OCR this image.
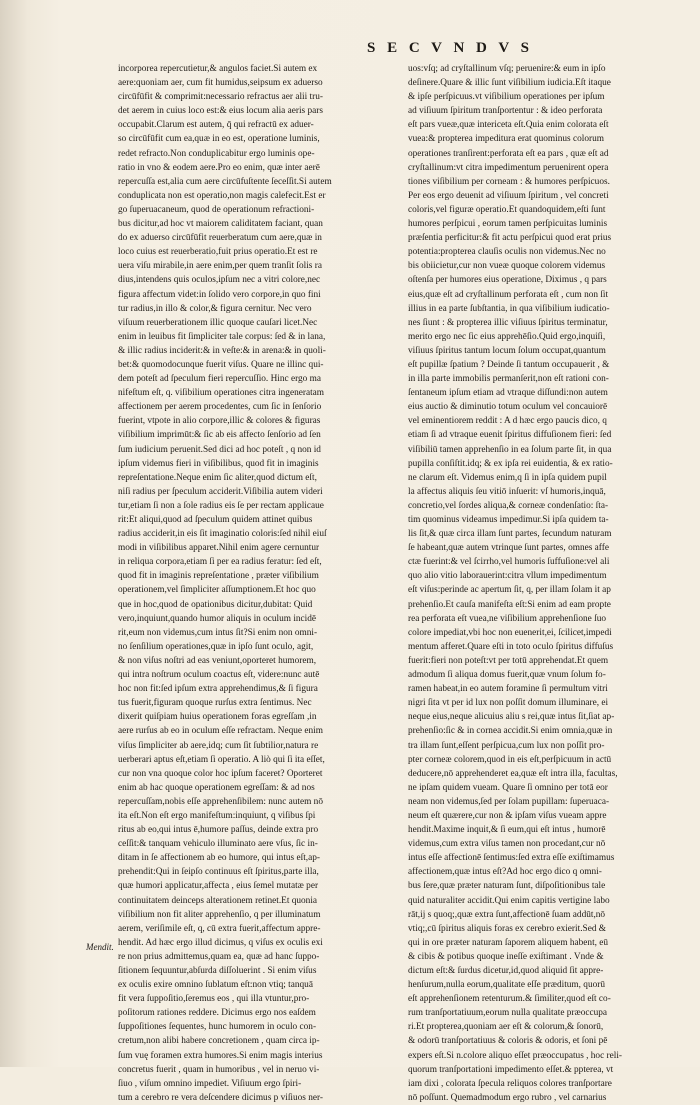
S E C V N D V S
Mendit.
incorporea repercutietur,& angulos faciet.Si autem ex
aere:quoniam aer, cum fit humidus,seipsum ex aduerso
circūfūfit & comprimit:necessario refractus aer alii tru-
det aerem in cuius loco est:& eius locum alia aeris pars
occupabit.Clarum est autem, q̄ qui refractū ex aduer-
so circūfūfit cum ea,quæ in eo est, operatione luminis,
redet refracto.Non conduplicabitur ergo luminis ope-
ratio in vno & eodem aere.Pro eo enim, quæ inter aerē
repercuſſa est,alia cum aere circūfuſtente ſeceſſit.Si autem
conduplicata non est operatio,non magis calefecit.Est er
go ſuperuacaneum, quod de operationum refractioni-
bus dicitur,ad hoc vt maiorem caliditatem faciant, quan
do ex aduerso circūfūfit reuerberatum cum aere,quæ in
loco cuius est reuerberatio,fuit prius operatio.Et est re
uera viſu mirabile,in aere enim,per quem tranſit ſolis ra
dius,intendens quis oculos,ipſum nec a vitri colore,nec
figura affectum videt:in ſolido vero corpore,in quo fini
tur radius,in illo & color,& figura cernitur. Nec vero
viſuum reuerberationem illic quoque cauſari licet.Nec
enim in leuibus fit ſimpliciter tale corpus: ſed & in lana,
& illic radius inciderit:& in veſte:& in arena:& in quoli-
bet:& quomodocunque fuerit viſus. Quare ne illinc qui-
dem poteſt ad ſpeculum fieri repercuſſio. Hinc ergo ma
nifeſtum eſt, q. viſibilium operationes citra ingeneratam
affectionem per aerem procedentes, cum ſic in ſenſorio
fuerint, vtpote in alio corpore,illic & colores & figuras
viſibilium imprimūt:& ſic ab eis affecto ſenſorio ad ſen
ſum iudicium peruenit.Sed dici ad hoc poteſt , q non id
ipſum videmus fieri in viſibilibus, quod fit in imaginis
repreſentatione.Neque enim ſic aliter,quod dictum eſt,
niſi radius per ſpeculum acciderit.Viſibilia autem videri
tur,etiam ſi non a ſole radius eis ſe per rectam applicaue
rit:Et aliqui,quod ad ſpeculum quidem attinet quibus
radius acciderit,in eis ſit imaginatio coloris:ſed nihil eiuſ
modi in viſibilibus apparet.Nihil enim agere cernuntur
in reliqua corpora,etiam ſi per ea radius feratur: ſed eſt,
quod fit in imaginis repreſentatione , præter viſibilium
operationem,vel ſimpliciter aſſumptionem.Et hoc quo
que in hoc,quod de opationibus dicitur,dubitat: Quid
vero,inquiunt,quando humor aliquis in oculum incidē
rit,eum non videmus,cum intus ſit?Si enim non omni-
no ſenſilium operationes,quæ in ipſo ſunt oculo, agit,
& non viſus noſtri ad eas veniunt,oporteret humorem,
qui intra noſtrum oculum coactus eſt, videre:nunc autē
hoc non fit:ſed ipſum extra apprehendimus,& ſi figura
tus fuerit,figuram quoque rurſus extra ſentimus. Nec
dixerit quiſpiam huius operationem foras egreſſam ,in
aere rurſus ab eo in oculum eſſe refractam. Neque enim
viſus ſimpliciter ab aere,idq; cum ſit ſubtilior,natura re
uerberari aptus eſt,etiam ſi operatio. A liò qui ſi ita eſſet,
cur non vna quoque color hoc ipſum faceret? Oporteret
enim ab hac quoque operationem egreſſam: & ad nos
repercuſſam,nobis eſſe apprehenſibilem: nunc autem nō
ita eſt.Non eſt ergo manifeſtum:inquiunt, q viſibus ſpi
ritus ab eo,qui intus ē,humore paſſus, deinde extra pro
ceſſit:& tanquam vehiculo illuminato aere vſus, ſic in-
ditam in ſe affectionem ab eo humore, qui intus eſt,ap-
prehendit:Qui in ſeipſo continuus eſt ſpiritus,parte illa,
quæ humori applicatur,affecta , eius ſemel mutatæ per
continuitatem deinceps alterationem retinet.Et quonia
viſibilium non fit aliter apprehenſio, q per illuminatum
aerem, veriſimile eſt, q, cū extra fuerit,affectum appre-
hendit. Ad hæc ergo illud dicimus, q viſus ex oculis exi
re non prius admittemus,quam ea, quæ ad hanc ſuppo-
ſitionem ſequuntur,abſurda diſſoluerint . Si enim viſus
ex oculis exire omnino ſublatum eſt:non vtiq; tanquā
fit vera ſuppoſitio,ſeremus eos , qui illa vtuntur,pro-
poſitorum rationes reddere. Dicimus ergo nos eaſdem
ſuppoſitiones ſequentes, hunc humorem in oculo con-
cretum,non alibi habere concretionem , quam circa ip-
ſum vuę foramen extra humores.Si enim magis interius
concretus fuerit , quam in humoribus , vel in neruo vi-
ſiuo , viſum omnino impediet. Viſiuum ergo ſpiri-
tum a cerebro re vera deſcendere dicimus p viſiuos ner-
uos:vſq; ad cryſtallinum vſq; peruenire:& eum in ipſo
deſinere.Quare & illic ſunt viſibilium iudicia.Eſt itaque
& ipſe perſpicuus.vt viſibilium operationes per ipſum
ad viſiuum ſpiritum tranſportentur : & ideo perforata
eſt pars vueæ,quæ intericeta eſt.Quia enim colorata eſt
vuea:& propterea impeditura erat quominus colorum
operationes tranſirent:perforata eſt ea pars , quæ eſt ad
cryſtallinum:vt citra impedimentum peruenirent opera
tiones viſibilium per corneam : & humores perſpicuos.
Per eos ergo deuenit ad viſiuum ſpiritum , vel concreti
coloris,vel figuræ operatio.Et quandoquidem,eſti ſunt
humores perſpicui , eorum tamen perſpicuitas luminis
præſentia perficitur:& fit actu perſpicui quod erat prius
potentia:propterea clauſis oculis non videmus.Nec no
bis obiicietur,cur non vueæ quoque colorem videmus
oſtenſa per humores eius operatione, Diximus , q pars
eius,quæ eſt ad cryſtallinum perforata eſt , cum non ſit
illius in ea parte ſubſtantia, in qua viſibilium iudicatio-
nes ſiunt : & propterea illic viſiuus ſpiritus terminatur,
merito ergo nec ſic eius apprehēſio.Quid ergo,inquiſi,
viſiuus ſpiritus tantum locum ſolum occupat,quantum
eſt pupillæ ſpatium ? Deinde ſi tantum occupauerit , &
in illa parte immobilis permanſerit,non eſt rationi con-
ſentaneum ipſum etiam ad vtraque diſſundi:non autem
eius auctio & diminutio totum oculum vel concauiorē
vel eminentiorem reddit : A d hæc ergo paucis dico, q
etiam ſi ad vtraque euenit ſpiritus diffuſionem fieri: ſed
viſibiliū tamen apprehenſio in ea ſolum parte ſit, in qua
pupilla conſiſtit.idq; & ex ipſa rei euidentia, & ex ratio-
ne clarum eſt. Videmus enim,q ſi in ipſa quidem pupil
la affectus aliquis ſeu vitiō inſuerit: vſ humoris,inquā,
concretio,vel ſordes aliqua,& corneæ condenſatio: ſta-
tim quominus videamus impedimur.Si ipſa quidem ta-
lis ſit,& quæ circa illam ſunt partes, ſecundum naturam
ſe habeant,quæ autem vtrinque ſunt partes, omnes affe
ctæ fuerint:& vel ſcirrho,vel humoris ſuffuſione:vel ali
quo alio vitio laborauerint:citra vllum impedimentum
eſt viſus:perinde ac apertum ſit, q, per illam ſolam it ap
prehenſio.Et cauſa manifeſta eſt:Si enim ad eam propte
rea perforata eſt vuea,ne viſibilium apprehenſione ſuo
colore impediat,vbi hoc non euenerit,ei, ſcilicet,impedi
mentum afferet.Quare eſti in toto oculo ſpiritus diffuſus
fuerit:fieri non poteſt:vt per totū apprehendat.Et quem
admodum ſi aliqua domus fuerit,quæ vnum ſolum fo-
ramen habeat,in eo autem foramine ſi permultum vitri
nigri ſita vt per id lux non poſſit domum illuminare, ei
neque eius,neque alicuius aliu s rei,quæ intus ſit,ſiat ap-
prehenſio:ſic & in cornea accidit.Si enim omnia,quæ in
tra illam ſunt,eſſent perſpicua,cum lux non poſſit pro-
pter corneæ colorem,quod in eis eſt,perſpicuum in actū
deducere,nō apprehenderet ea,quæ eſt intra illa, facultas,
ne ipſam quidem vueam. Quare ſi omnino per totā eor
neam non videmus,ſed per ſolam pupillam: ſuperuaca-
neum eſt quærere,cur non & ipſam viſus vueam appre
hendit.Maxime inquit,& ſi eum,qui eſt intus , humorē
videmus,cum extra viſus tamen non procedant,cur nō
intus eſſe affectionē ſentimus:ſed extra eſſe exiſtimamus
affectionem,quæ intus eſt?Ad hoc ergo dico q omni-
bus ſere,quæ præter naturam ſunt, diſpoſitionibus tale
quid naturaliter accidit.Qui enim capitis vertigine labo
rāt,ij s quoq;,quæ extra ſunt,affectionē ſuam addūt,nō
vtiq;,cū ſpiritus aliquis foras ex cerebro exierit.Sed &
qui in ore præter naturam ſaporem aliquem habent, eū
& cibis & potibus quoque ineſſe exiſtimant . Vnde &
dictum eſt:& ſurdus dicetur,id,quod aliquid ſit appre-
henſurum,nulla eorum,qualitate eſſe præditum, quorū
eſt apprehenſionem retenturum.& ſimiliter,quod eſt co-
rum tranſportatiuum,eorum nulla qualitate præoccupa
ri.Et propterea,quoniam aer eſt & colorum,& ſonorū,
& odorū tranſportatiuus & coloris & odoris, et ſoni pē
expers eſt.Si n.colore aliquo eſſet præoccupatus , hoc reli-
quorum tranſportationi impedimento eſſet.& ppterea, vt
iam dixi , colorata ſpecula reliquos colores tranſportare
nō poſſunt. Quemadmodum ergo rubro , vel carnarius
